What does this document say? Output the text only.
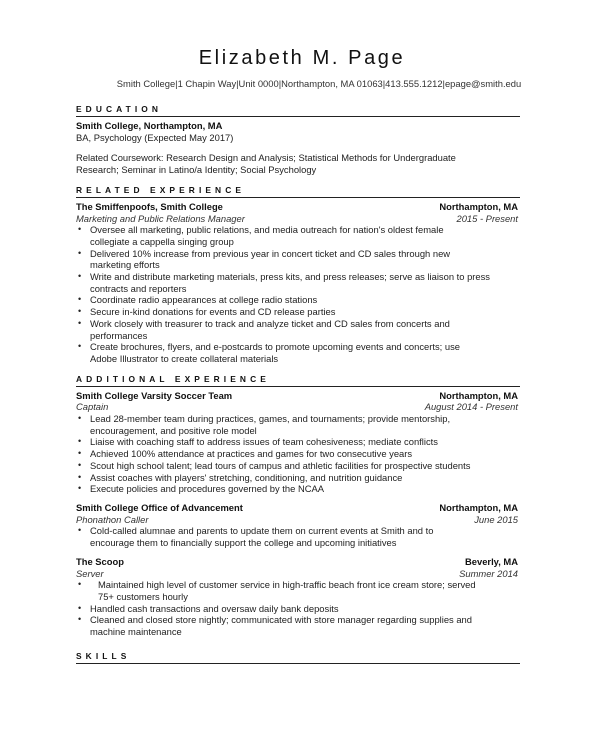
Elizabeth M. Page
Smith College|1 Chapin Way|Unit 0000|Northampton, MA 01063|413.555.1212|epage@smith.edu
EDUCATION
Smith College, Northampton, MA
BA, Psychology (Expected May 2017)
Related Coursework: Research Design and Analysis; Statistical Methods for Undergraduate
Research; Seminar in Latino/a Identity; Social Psychology
RELATED EXPERIENCE
The Smiffenpoofs, Smith College	Northampton, MA
Marketing and Public Relations Manager	2015 - Present
• Oversee all marketing, public relations, and media outreach for nation's oldest female
collegiate a cappella singing group
• Delivered 10% increase from previous year in concert ticket and CD sales through new
marketing efforts
• Write and distribute marketing materials, press kits, and press releases; serve as liaison to press
contracts and reporters
• Coordinate radio appearances at college radio stations
• Secure in-kind donations for events and CD release parties
• Work closely with treasurer to track and analyze ticket and CD sales from concerts and
performances
• Create brochures, flyers, and e-postcards to promote upcoming events and concerts; use
Adobe Illustrator to create collateral materials
ADDITIONAL EXPERIENCE
Smith College Varsity Soccer Team	Northampton, MA
Captain	August 2014 - Present
• Lead 28-member team during practices, games, and tournaments; provide mentorship,
encouragement, and positive role model
• Liaise with coaching staff to address issues of team cohesiveness; mediate conflicts
• Achieved 100% attendance at practices and games for two consecutive years
• Scout high school talent; lead tours of campus and athletic facilities for prospective students
• Assist coaches with players' stretching, conditioning, and nutrition guidance
• Execute policies and procedures governed by the NCAA
Smith College Office of Advancement	Northampton, MA
Phonathon Caller	June 2015
• Cold-called alumnae and parents to update them on current events at Smith and to
encourage them to financially support the college and upcoming initiatives
The Scoop	Beverly, MA
Server	Summer 2014
• Maintained high level of customer service in high-traffic beach front ice cream store; served
75+ customers hourly
• Handled cash transactions and oversaw daily bank deposits
• Cleaned and closed store nightly; communicated with store manager regarding supplies and
machine maintenance
SKILLS
